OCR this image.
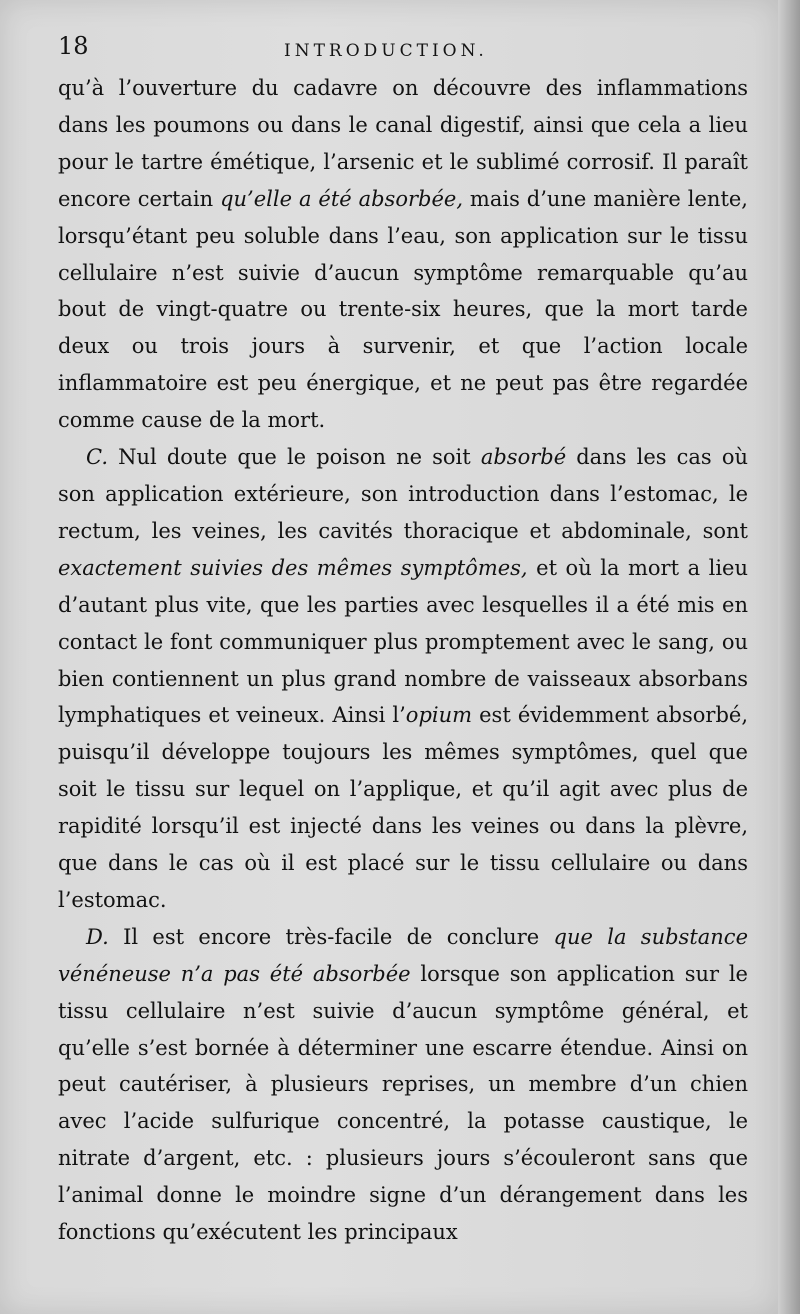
18	INTRODUCTION.

qu’à l’ouverture du cadavre on découvre des inflammations dans les poumons ou dans le canal digestif, ainsi que cela a lieu pour le tartre émétique, l’arsenic et le sublimé corrosif. Il paraît encore certain qu’elle a été absorbée, mais d’une manière lente, lorsqu’étant peu soluble dans l’eau, son application sur le tissu cellulaire n’est suivie d’aucun symptôme remarquable qu’au bout de vingt-quatre ou trente-six heures, que la mort tarde deux ou trois jours à survenir, et que l’action locale inflammatoire est peu énergique, et ne peut pas être regardée comme cause de la mort.

C. Nul doute que le poison ne soit absorbé dans les cas où son application extérieure, son introduction dans l’estomac, le rectum, les veines, les cavités thoracique et abdominale, sont exactement suivies des mêmes symptômes, et où la mort a lieu d’autant plus vite, que les parties avec lesquelles il a été mis en contact le font communiquer plus promptement avec le sang, ou bien contiennent un plus grand nombre de vaisseaux absorbans lymphatiques et veineux. Ainsi l’opium est évidemment absorbé, puisqu’il développe toujours les mêmes symptômes, quel que soit le tissu sur lequel on l’applique, et qu’il agit avec plus de rapidité lorsqu’il est injecté dans les veines ou dans la plèvre, que dans le cas où il est placé sur le tissu cellulaire ou dans l’estomac.

D. Il est encore très-facile de conclure que la substance vénéneuse n’a pas été absorbée lorsque son application sur le tissu cellulaire n’est suivie d’aucun symptôme général, et qu’elle s’est bornée à déterminer une escarre étendue. Ainsi on peut cautériser, à plusieurs reprises, un membre d’un chien avec l’acide sulfurique concentré, la potasse caustique, le nitrate d’argent, etc. : plusieurs jours s’écouleront sans que l’animal donne le moindre signe d’un dérangement dans les fonctions qu’exécutent les principaux
